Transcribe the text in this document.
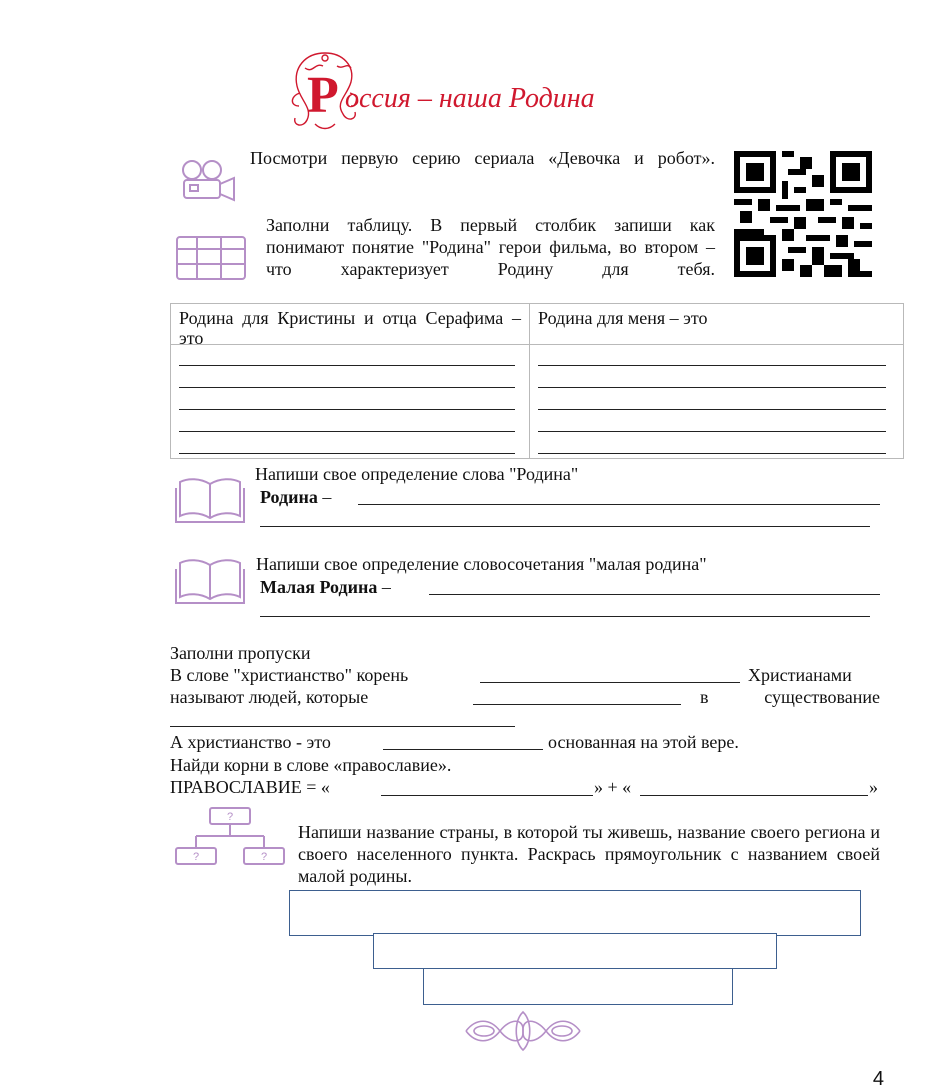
Р оссия – наша Родина
Посмотри первую серию сериала «Девочка и робот».
Заполни таблицу. В первый столбик запиши как понимают понятие "Родина" герои фильма, во втором – что характеризует Родину для тебя.
Родина для Кристины и отца Серафима – это	Родина для меня – это

Напиши свое определение слова "Родина"
Родина –
Напиши свое определение словосочетания "малая родина"
Малая Родина –
Заполни пропуски
В слове "христианство" корень	Христианами
называют людей, которые	в существование
А христианство - это	основанная на этой вере.
Найди корни в слове «православие».
ПРАВОСЛАВИЕ = «	» + «	»
?
?	?
Напиши название страны, в которой ты живешь, название своего региона и своего населенного пункта. Раскрась прямоугольник с названием своей малой родины.
4
